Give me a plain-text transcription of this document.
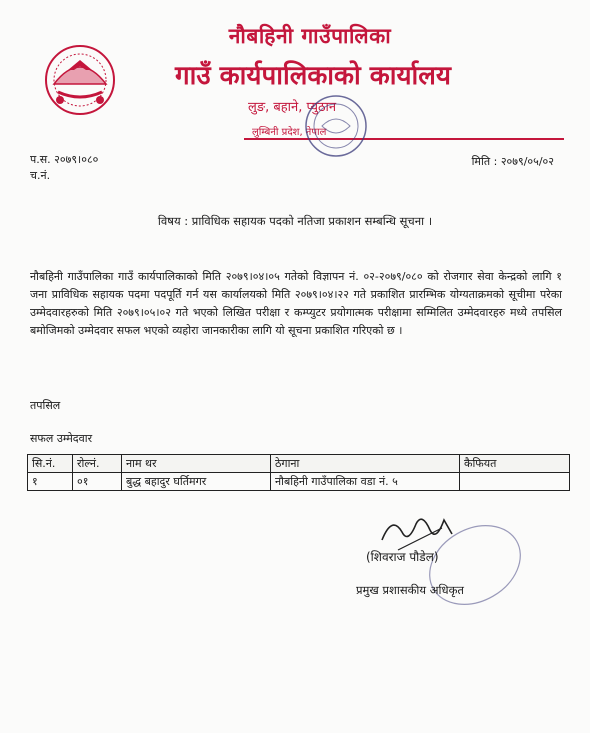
नौबहिनी गाउँपालिका
गाउँ कार्यपालिकाको कार्यालय
लुङ, बहाने, प्युठान
लुम्बिनी प्रदेश, नेपाल
प.स. २०७९।०८०
च.नं.
मिति : २०७९/०५/०२
विषय : प्राविधिक सहायक पदको नतिजा प्रकाशन सम्बन्धि सूचना ।
नौबहिनी गाउँपालिका गाउँ कार्यपालिकाको मिति २०७९।०४।०५ गतेको विज्ञापन नं. ०२-२०७९/०८० को रोजगार सेवा केन्द्रको लागि १ जना प्राविधिक सहायक पदमा पदपूर्ति गर्न यस कार्यालयको मिति २०७९।०४।२२ गते प्रकाशित प्रारम्भिक योग्यताक्रमको सूचीमा परेका उम्मेदवारहरुको मिति २०७९।०५।०२ गते भएको लिखित परीक्षा र कम्प्युटर प्रयोगात्मक परीक्षामा सम्मिलित उम्मेदवारहरु मध्ये तपसिल बमोजिमको उम्मेदवार सफल भएको व्यहोरा जानकारीका लागि यो सूचना प्रकाशित गरिएको छ ।
तपसिल
सफल उम्मेदवार
सि.नं.	रोल्नं.	नाम थर	ठेगाना	कैफियत
१	०१	बुद्ध बहादुर घर्तिमगर	नौबहिनी गाउँपालिका वडा नं. ५	
(शिवराज पौडेल)
प्रमुख प्रशासकीय अधिकृत
